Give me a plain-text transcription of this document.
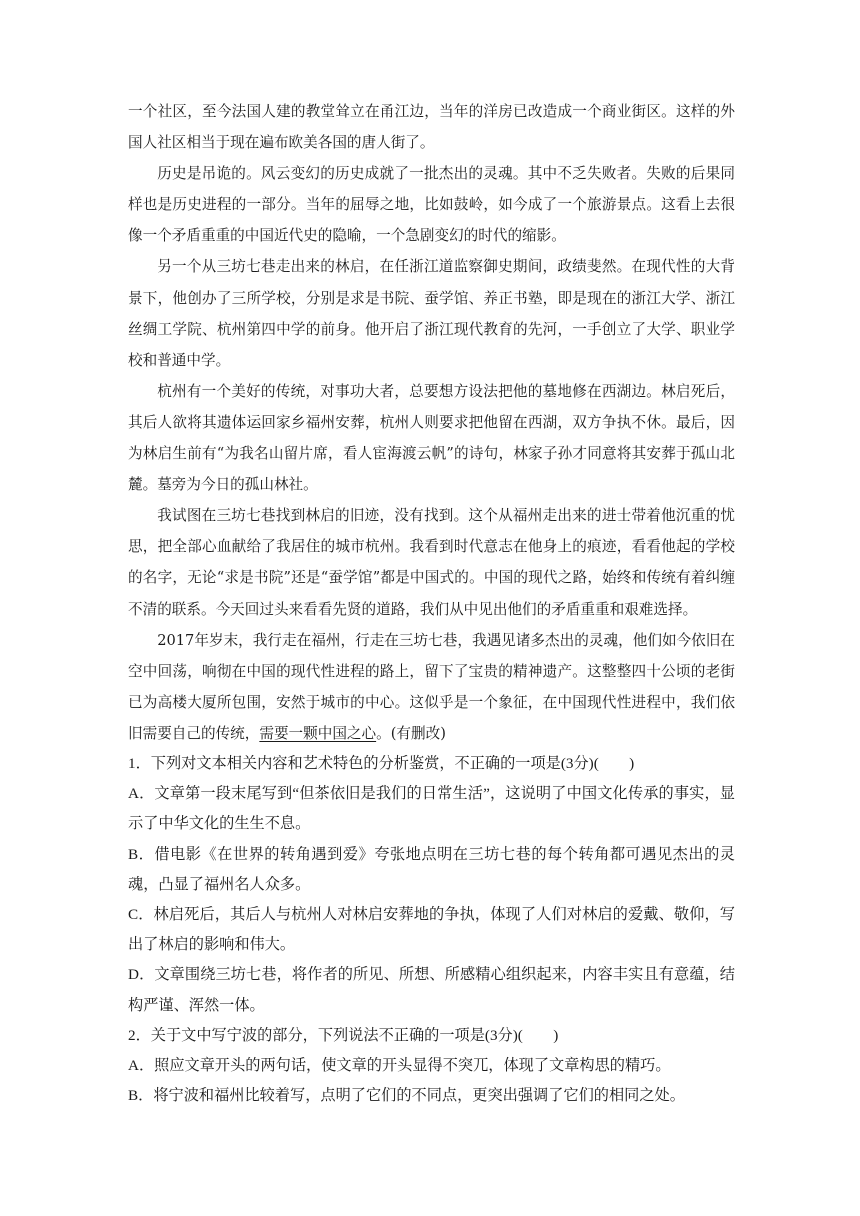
一个社区，至今法国人建的教堂耸立在甬江边，当年的洋房已改造成一个商业街区。这样的外国人社区相当于现在遍布欧美各国的唐人街了。

历史是吊诡的。风云变幻的历史成就了一批杰出的灵魂。其中不乏失败者。失败的后果同样也是历史进程的一部分。当年的屈辱之地，比如鼓岭，如今成了一个旅游景点。这看上去很像一个矛盾重重的中国近代史的隐喻，一个急剧变幻的时代的缩影。

另一个从三坊七巷走出来的林启，在任浙江道监察御史期间，政绩斐然。在现代性的大背景下，他创办了三所学校，分别是求是书院、蚕学馆、养正书塾，即是现在的浙江大学、浙江丝绸工学院、杭州第四中学的前身。他开启了浙江现代教育的先河，一手创立了大学、职业学校和普通中学。

杭州有一个美好的传统，对事功大者，总要想方设法把他的墓地修在西湖边。林启死后，其后人欲将其遗体运回家乡福州安葬，杭州人则要求把他留在西湖，双方争执不休。最后，因为林启生前有“为我名山留片席，看人宦海渡云帆”的诗句，林家子孙才同意将其安葬于孤山北麓。墓旁为今日的孤山林社。

我试图在三坊七巷找到林启的旧迹，没有找到。这个从福州走出来的进士带着他沉重的忧思，把全部心血献给了我居住的城市杭州。我看到时代意志在他身上的痕迹，看看他起的学校的名字，无论“求是书院”还是“蚕学馆”都是中国式的。中国的现代之路，始终和传统有着纠缠不清的联系。今天回过头来看看先贤的道路，我们从中见出他们的矛盾重重和艰难选择。

2017年岁末，我行走在福州，行走在三坊七巷，我遇见诸多杰出的灵魂，他们如今依旧在空中回荡，响彻在中国的现代性进程的路上，留下了宝贵的精神遗产。这整整四十公顷的老街已为高楼大厦所包围，安然于城市的中心。这似乎是一个象征，在中国现代性进程中，我们依旧需要自己的传统，需要一颗中国之心。(有删改)

1．下列对文本相关内容和艺术特色的分析鉴赏，不正确的一项是(3分)(　　)

A．文章第一段末尾写到“但茶依旧是我们的日常生活”，这说明了中国文化传承的事实，显示了中华文化的生生不息。

B．借电影《在世界的转角遇到爱》夸张地点明在三坊七巷的每个转角都可遇见杰出的灵魂，凸显了福州名人众多。

C．林启死后，其后人与杭州人对林启安葬地的争执，体现了人们对林启的爱戴、敬仰，写出了林启的影响和伟大。

D．文章围绕三坊七巷，将作者的所见、所想、所感精心组织起来，内容丰实且有意蕴，结构严谨、浑然一体。

2．关于文中写宁波的部分，下列说法不正确的一项是(3分)(　　)

A．照应文章开头的两句话，使文章的开头显得不突兀，体现了文章构思的精巧。

B．将宁波和福州比较着写，点明了它们的不同点，更突出强调了它们的相同之处。
